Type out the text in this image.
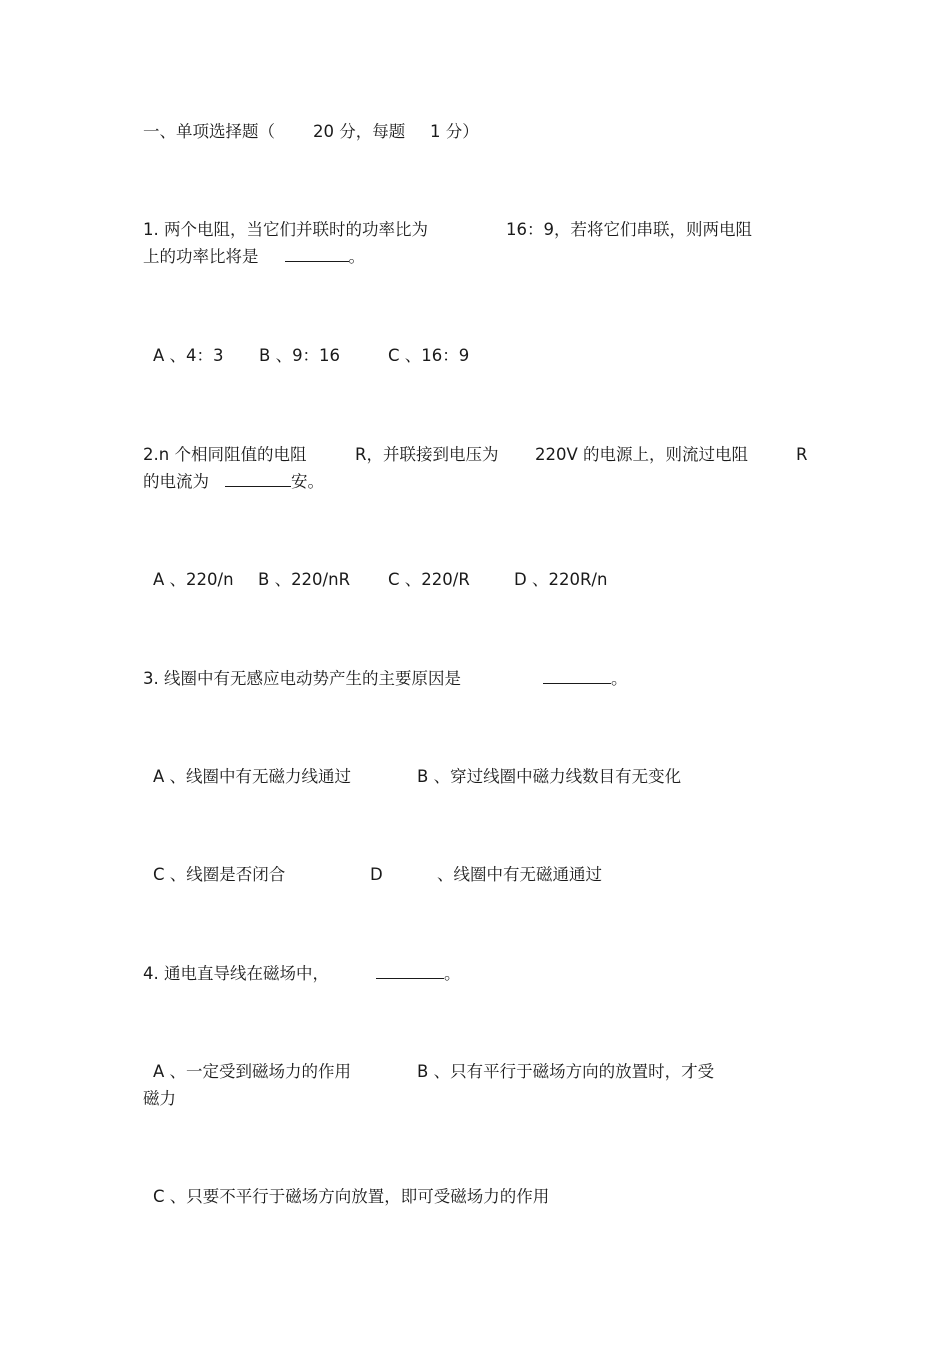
一、单项选择题（ 20 分，每题 1 分）
1. 两个电阻，当它们并联时的功率比为	16：9，若将它们串联，则两电阻
上的功率比将是	。
A 、4：3 B 、9：16	C 、16：9
2.n 个相同阻值的电阻	R，并联接到电压为 220V 的电源上，则流过电阻	R
的电流为	安。
A 、220/n B 、220/nR C 、220/R	D 、220R/n
3. 线圈中有无感应电动势产生的主要原因是	。
A 、线圈中有无磁力线通过	B 、穿过线圈中磁力线数目有无变化
C 、线圈是否闭合	D	、线圈中有无磁通通过
4. 通电直导线在磁场中，	。
A 、一定受到磁场力的作用	B 、只有平行于磁场方向的放置时，才受
磁力
C 、只要不平行于磁场方向放置，即可受磁场力的作用
